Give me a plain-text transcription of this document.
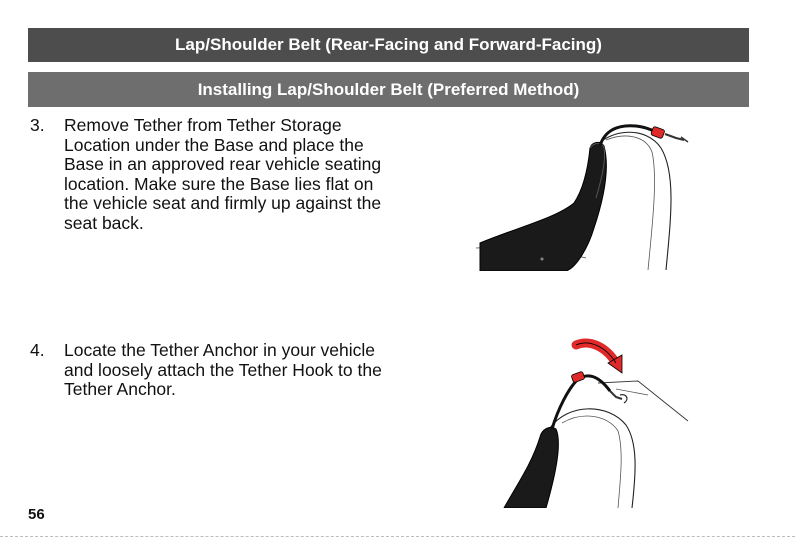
Lap/Shoulder Belt (Rear-Facing and Forward-Facing)
Installing Lap/Shoulder Belt (Preferred Method)
3.	Remove Tether from Tether Storage Location under the Base and place the Base in an approved rear vehicle seating location. Make sure the Base lies flat on the vehicle seat and firmly up against the seat back.
4.	Locate the Tether Anchor in your vehicle and loosely attach the Tether Hook to the Tether Anchor.
56
